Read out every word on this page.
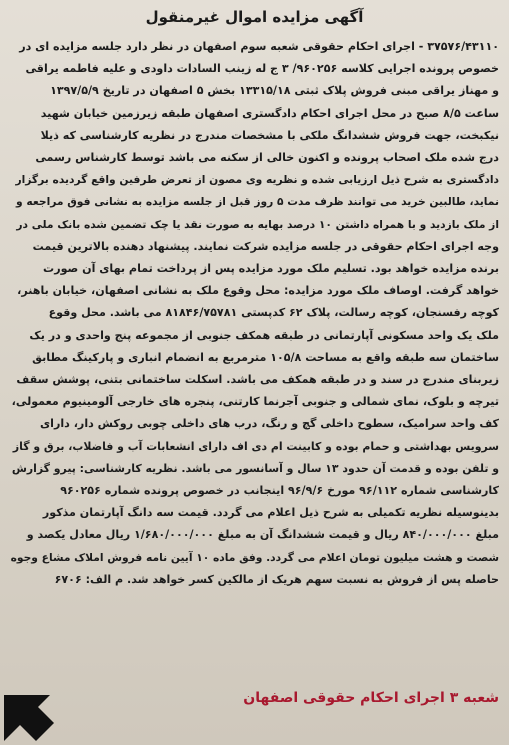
آگهی مزایده اموال غیرمنقول
۳۷۵۷۶/۴۳۱۱۰ - اجرای احکام حقوقی شعبه سوم اصفهان در نظر دارد جلسه مزایده ای در
خصوص پرونده اجرایی کلاسه ۹۶۰۲۵۶/ ۳ ج له زینب السادات داودی و علیه فاطمه یراقی
و مهناز یراقی مبنی فروش پلاک ثبتی ۱۳۳۱۵/۱۸ بخش ۵ اصفهان در تاریخ ۱۳۹۷/۵/۹
ساعت ۸/۵ صبح در محل اجرای احکام دادگستری اصفهان طبقه زیرزمین خیابان شهید
نیکبخت، جهت فروش ششدانگ ملکی با مشخصات مندرج در نظریه کارشناسی که ذیلا
درج شده ملک اصحاب پرونده و اکنون خالی از سکنه می باشد توسط کارشناس رسمی
دادگستری به شرح ذیل ارزیابی شده و نظریه وی مصون از تعرض طرفین واقع گردیده برگزار
نماید، طالبین خرید می توانند ظرف مدت ۵ روز قبل از جلسه مزایده به نشانی فوق مراجعه و
از ملک بازدید و با همراه داشتن ۱۰ درصد بهایه به صورت نقد یا چک تضمین شده بانک ملی در
وجه اجرای احکام حقوقی در جلسه مزایده شرکت نمایند. پیشنهاد دهنده بالاترین قیمت
برنده مزایده خواهد بود. تسلیم ملک مورد مزایده پس از پرداخت تمام بهای آن صورت
خواهد گرفت. اوصاف ملک مورد مزایده: محل وقوع ملک به نشانی اصفهان، خیابان باهنر،
کوچه رفسنجان، کوچه رسالت، پلاک ۶۲ کدپستی ۸۱۸۴۶/۷۵۷۸۱ می باشد. محل وقوع
ملک یک واحد مسکونی آپارتمانی در طبقه همکف جنوبی از مجموعه پنج واحدی و در یک
ساختمان سه طبقه واقع به مساحت ۱۰۵/۸ مترمربع به انضمام انباری و پارکینگ مطابق
زیربنای مندرج در سند و در طبقه همکف می باشد. اسکلت ساختمانی بتنی، پوشش سقف
تیرچه و بلوک، نمای شمالی و جنوبی آجرنما کارتنی، پنجره های خارجی آلومینیوم معمولی،
کف واحد سرامیک، سطوح داخلی گچ و رنگ، درب های داخلی چوبی روکش دار، دارای
سرویس بهداشتی و حمام بوده و کابینت ام دی اف دارای انشعابات آب و فاضلاب، برق و گاز
و تلفن بوده و قدمت آن حدود ۱۳ سال و آسانسور می باشد. نظریه کارشناسی: پیرو گزارش
کارشناسی شماره ۹۶/۱۱۲ مورخ ۹۶/۹/۶ اینجانب در خصوص پرونده شماره ۹۶۰۲۵۶
بدینوسیله نظریه تکمیلی به شرح ذیل اعلام می گردد. قیمت سه دانگ آپارتمان مذکور
مبلغ ۸۴۰/۰۰۰/۰۰۰ ریال و قیمت ششدانگ آن به مبلغ ۱/۶۸۰/۰۰۰/۰۰۰ ریال معادل یکصد و
شصت و هشت میلیون تومان اعلام می گردد. وفق ماده ۱۰ آیین نامه فروش املاک مشاع وجوه
حاصله پس از فروش به نسبت سهم هریک از مالکین کسر خواهد شد. م الف: ۶۷۰۶
شعبه ۳ اجرای احکام حقوقی اصفهان
